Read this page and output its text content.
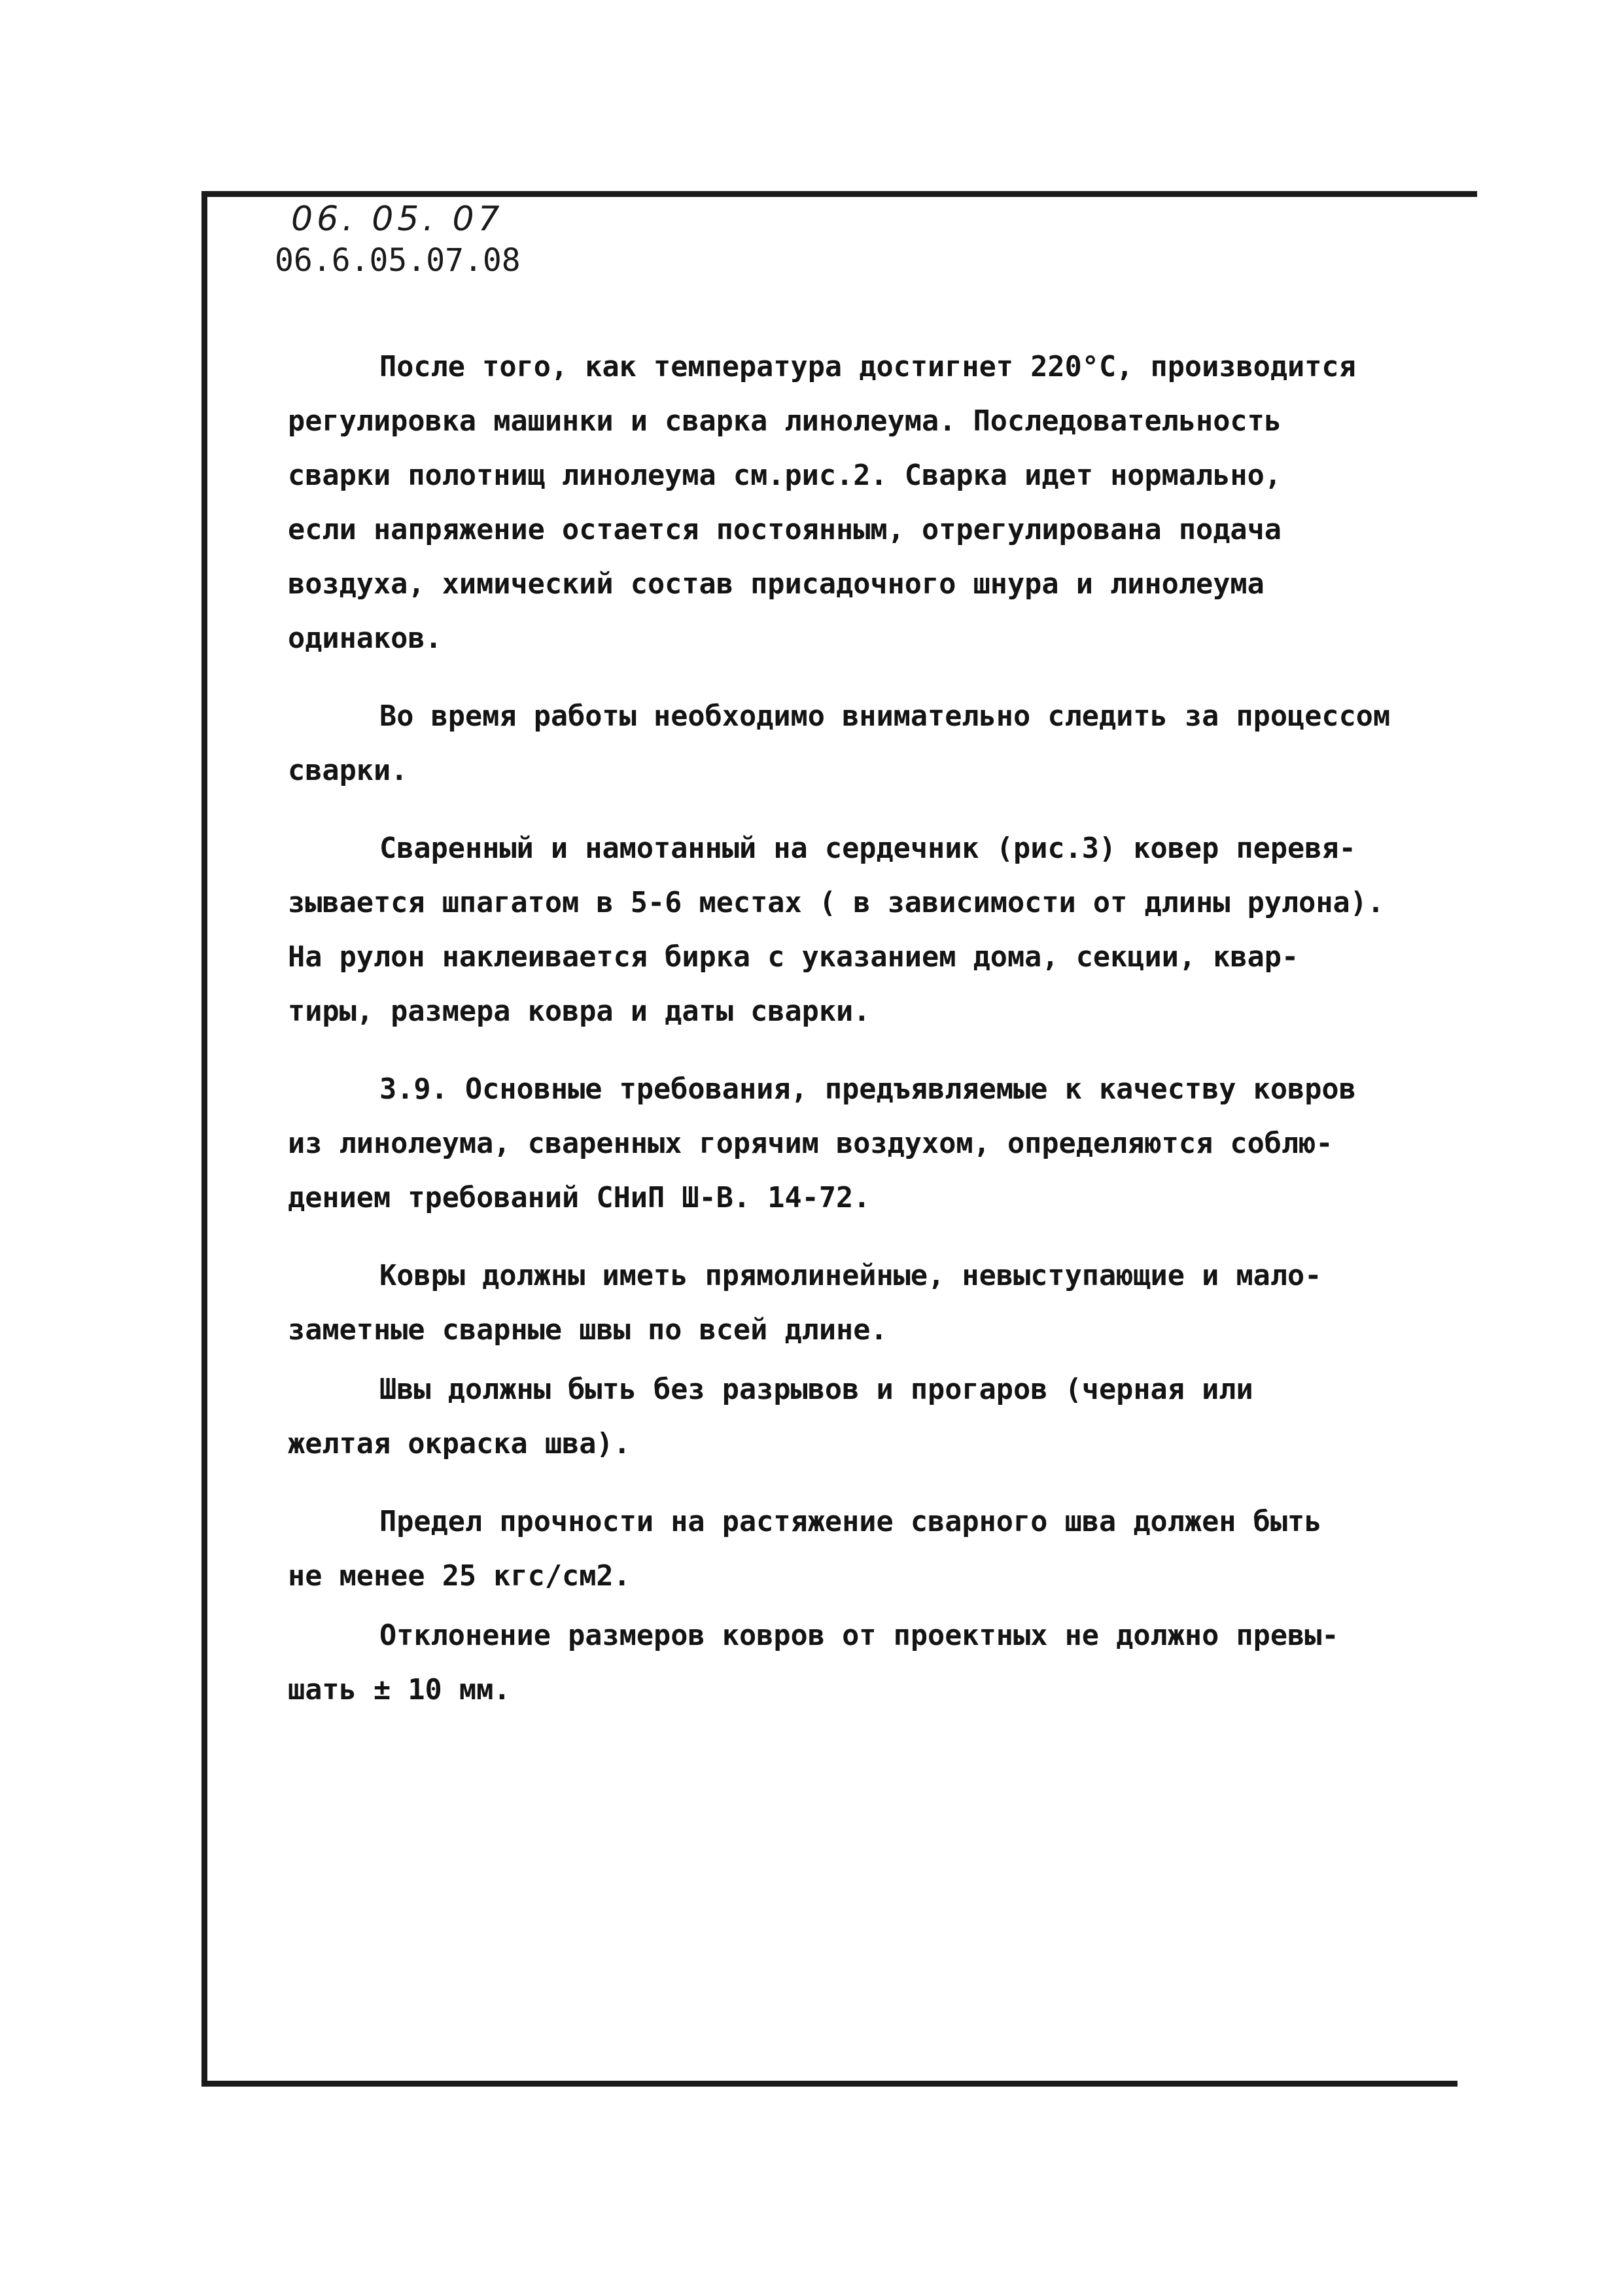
06. 05. 07
06.6.05.07.08

После того, как температура достигнет 220°С, производится
регулировка машинки и сварка линолеума. Последовательность
сварки полотнищ линолеума см.рис.2. Сварка идет нормально,
если напряжение остается постоянным, отрегулирована подача
воздуха, химический состав присадочного шнура и линолеума
одинаков.

Во время работы необходимо внимательно следить за процессом
сварки.

Сваренный и намотанный на сердечник (рис.3) ковер перевя-
зывается шпагатом в 5-6 местах ( в зависимости от длины рулона).
На рулон наклеивается бирка с указанием дома, секции, квар-
тиры, размера ковра и даты сварки.

3.9. Основные требования, предъявляемые к качеству ковров
из линолеума, сваренных горячим воздухом, определяются соблю-
дением требований СНиП Ш-В. 14-72.

Ковры должны иметь прямолинейные, невыступающие и мало-
заметные сварные швы по всей длине.

Швы должны быть без разрывов и прогаров (черная или
желтая окраска шва).

Предел прочности на растяжение сварного шва должен быть
не менее 25 кгс/см2.

Отклонение размеров ковров от проектных не должно превы-
шать ± 10 мм.
